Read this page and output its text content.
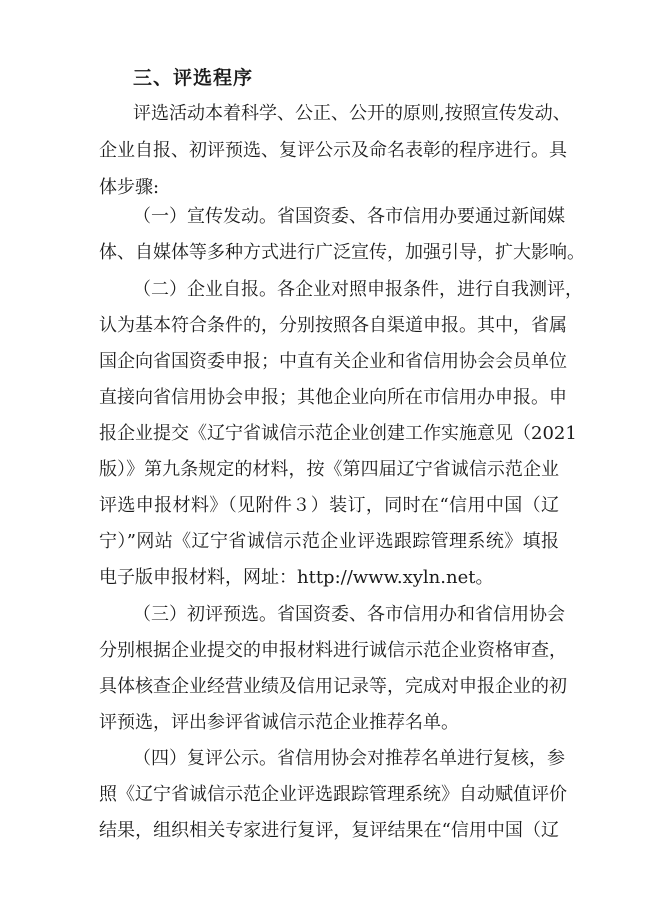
三、评选程序
评选活动本着科学、公正、公开的原则,按照宣传发动、
企业自报、初评预选、复评公示及命名表彰的程序进行。具
体步骤:
（一）宣传发动。省国资委、各市信用办要通过新闻媒
体、自媒体等多种方式进行广泛宣传，加强引导，扩大影响。
（二）企业自报。各企业对照申报条件，进行自我测评，
认为基本符合条件的，分别按照各自渠道申报。其中，省属
国企向省国资委申报；中直有关企业和省信用协会会员单位
直接向省信用协会申报；其他企业向所在市信用办申报。申
报企业提交《辽宁省诚信示范企业创建工作实施意见（2021
版）》第九条规定的材料，按《第四届辽宁省诚信示范企业
评选申报材料》（见附件３）装订，同时在“信用中国（辽
宁）”网站《辽宁省诚信示范企业评选跟踪管理系统》填报
电子版申报材料，网址：http://www.xyln.net。
（三）初评预选。省国资委、各市信用办和省信用协会
分别根据企业提交的申报材料进行诚信示范企业资格审查，
具体核查企业经营业绩及信用记录等，完成对申报企业的初
评预选，评出参评省诚信示范企业推荐名单。
（四）复评公示。省信用协会对推荐名单进行复核，参
照《辽宁省诚信示范企业评选跟踪管理系统》自动赋值评价
结果，组织相关专家进行复评，复评结果在“信用中国（辽
